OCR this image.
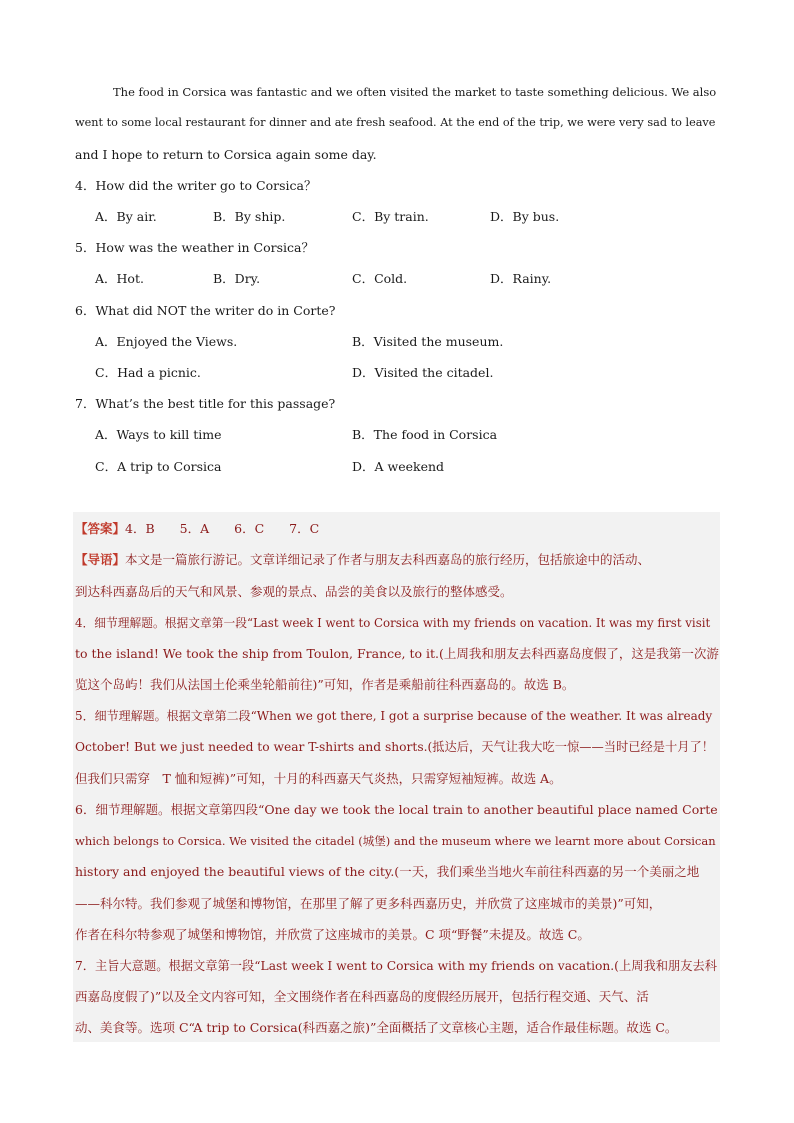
The food in Corsica was fantastic and we often visited the market to taste something delicious. We also
went to some local restaurant for dinner and ate fresh seafood. At the end of the trip, we were very sad to leave
and I hope to return to Corsica again some day.
4．How did the writer go to Corsica？
A．By air.	B．By ship.	C．By train.	D．By bus.
5．How was the weather in Corsica？
A．Hot.	B．Dry.	C．Cold.	D．Rainy.
6．What did NOT the writer do in Corte?
A．Enjoyed the Views.	B．Visited the museum.
C．Had a picnic.	D．Visited the citadel.
7．What’s the best title for this passage?
A．Ways to kill time	B．The food in Corsica
C．A trip to Corsica	D．A weekend
【答案】4．B　　5．A　　6．C　　7．C
【导语】本文是一篇旅行游记。文章详细记录了作者与朋友去科西嘉岛的旅行经历，包括旅途中的活动、
到达科西嘉岛后的天气和风景、参观的景点、品尝的美食以及旅行的整体感受。
4．细节理解题。根据文章第一段“Last week I went to Corsica with my friends on vacation. It was my first visit
to the island! We took the ship from Toulon, France, to it.(上周我和朋友去科西嘉岛度假了，这是我第一次游
览这个岛屿！我们从法国土伦乘坐轮船前往)”可知，作者是乘船前往科西嘉岛的。故选 B。
5．细节理解题。根据文章第二段“When we got there, I got a surprise because of the weather. It was already
October! But we just needed to wear T-shirts and shorts.(抵达后，天气让我大吃一惊——当时已经是十月了！
但我们只需穿　T 恤和短裤)”可知，十月的科西嘉天气炎热，只需穿短袖短裤。故选 A。
6．细节理解题。根据文章第四段“One day we took the local train to another beautiful place named Corte
which belongs to Corsica. We visited the citadel (城堡) and the museum where we learnt more about Corsican
history and enjoyed the beautiful views of the city.(一天，我们乘坐当地火车前往科西嘉的另一个美丽之地
——科尔特。我们参观了城堡和博物馆，在那里了解了更多科西嘉历史，并欣赏了这座城市的美景)”可知，
作者在科尔特参观了城堡和博物馆，并欣赏了这座城市的美景。C 项“野餐”未提及。故选 C。
7．主旨大意题。根据文章第一段“Last week I went to Corsica with my friends on vacation.(上周我和朋友去科
西嘉岛度假了)”以及全文内容可知，全文围绕作者在科西嘉岛的度假经历展开，包括行程交通、天气、活
动、美食等。选项 C“A trip to Corsica(科西嘉之旅)”全面概括了文章核心主题，适合作最佳标题。故选 C。
